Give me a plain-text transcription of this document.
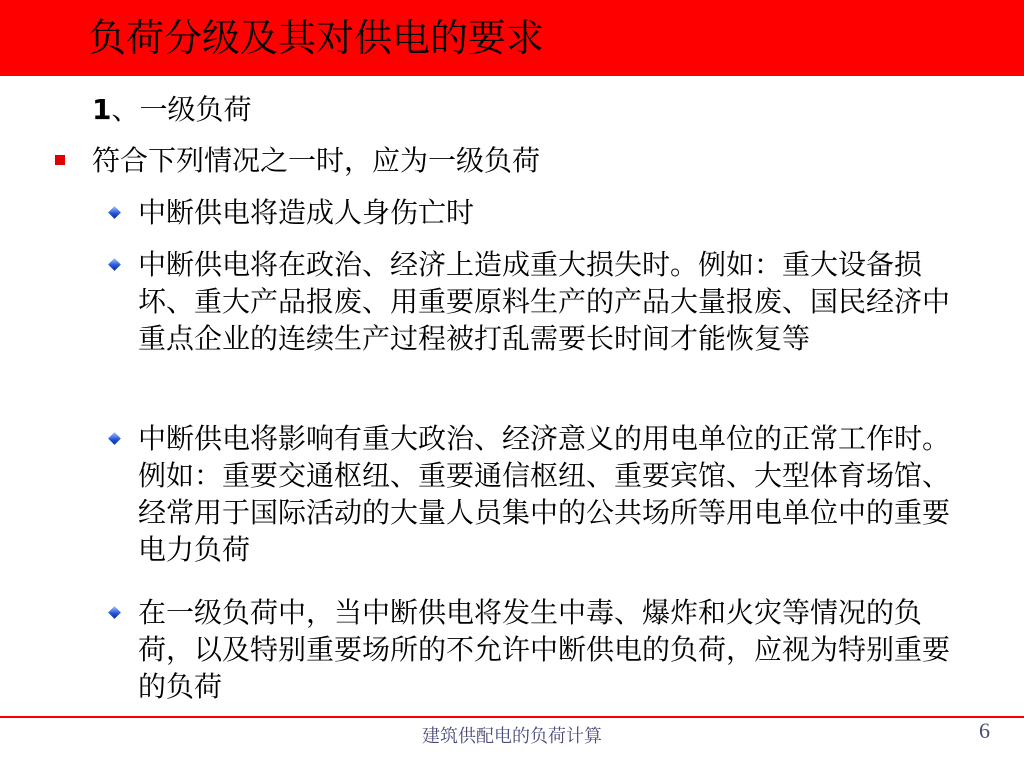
负荷分级及其对供电的要求
1、一级负荷
符合下列情况之一时，应为一级负荷
中断供电将造成人身伤亡时
中断供电将在政治、经济上造成重大损失时。例如：重大设备损坏、重大产品报废、用重要原料生产的产品大量报废、国民经济中重点企业的连续生产过程被打乱需要长时间才能恢复等
中断供电将影响有重大政治、经济意义的用电单位的正常工作时。例如：重要交通枢纽、重要通信枢纽、重要宾馆、大型体育场馆、经常用于国际活动的大量人员集中的公共场所等用电单位中的重要电力负荷
在一级负荷中，当中断供电将发生中毒、爆炸和火灾等情况的负荷，以及特别重要场所的不允许中断供电的负荷，应视为特别重要的负荷
建筑供配电的负荷计算	6
